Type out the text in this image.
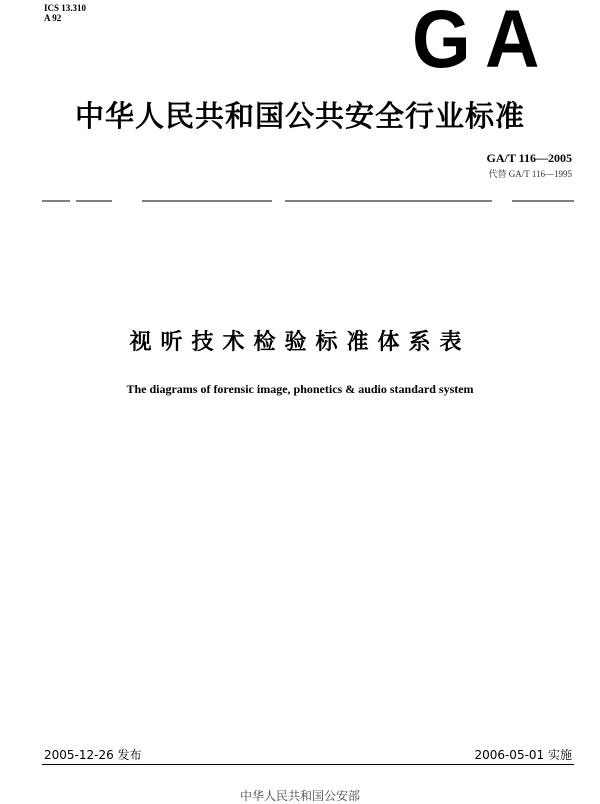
ICS 13.310
A 92	G A
中华人民共和国公共安全行业标准
GA/T 116—2005
代替 GA/T 116—1995
视听技术检验标准体系表
The diagrams of forensic image, phonetics & audio standard system
2005-12-26 发布	2006-05-01 实施
中华人民共和国公安部
